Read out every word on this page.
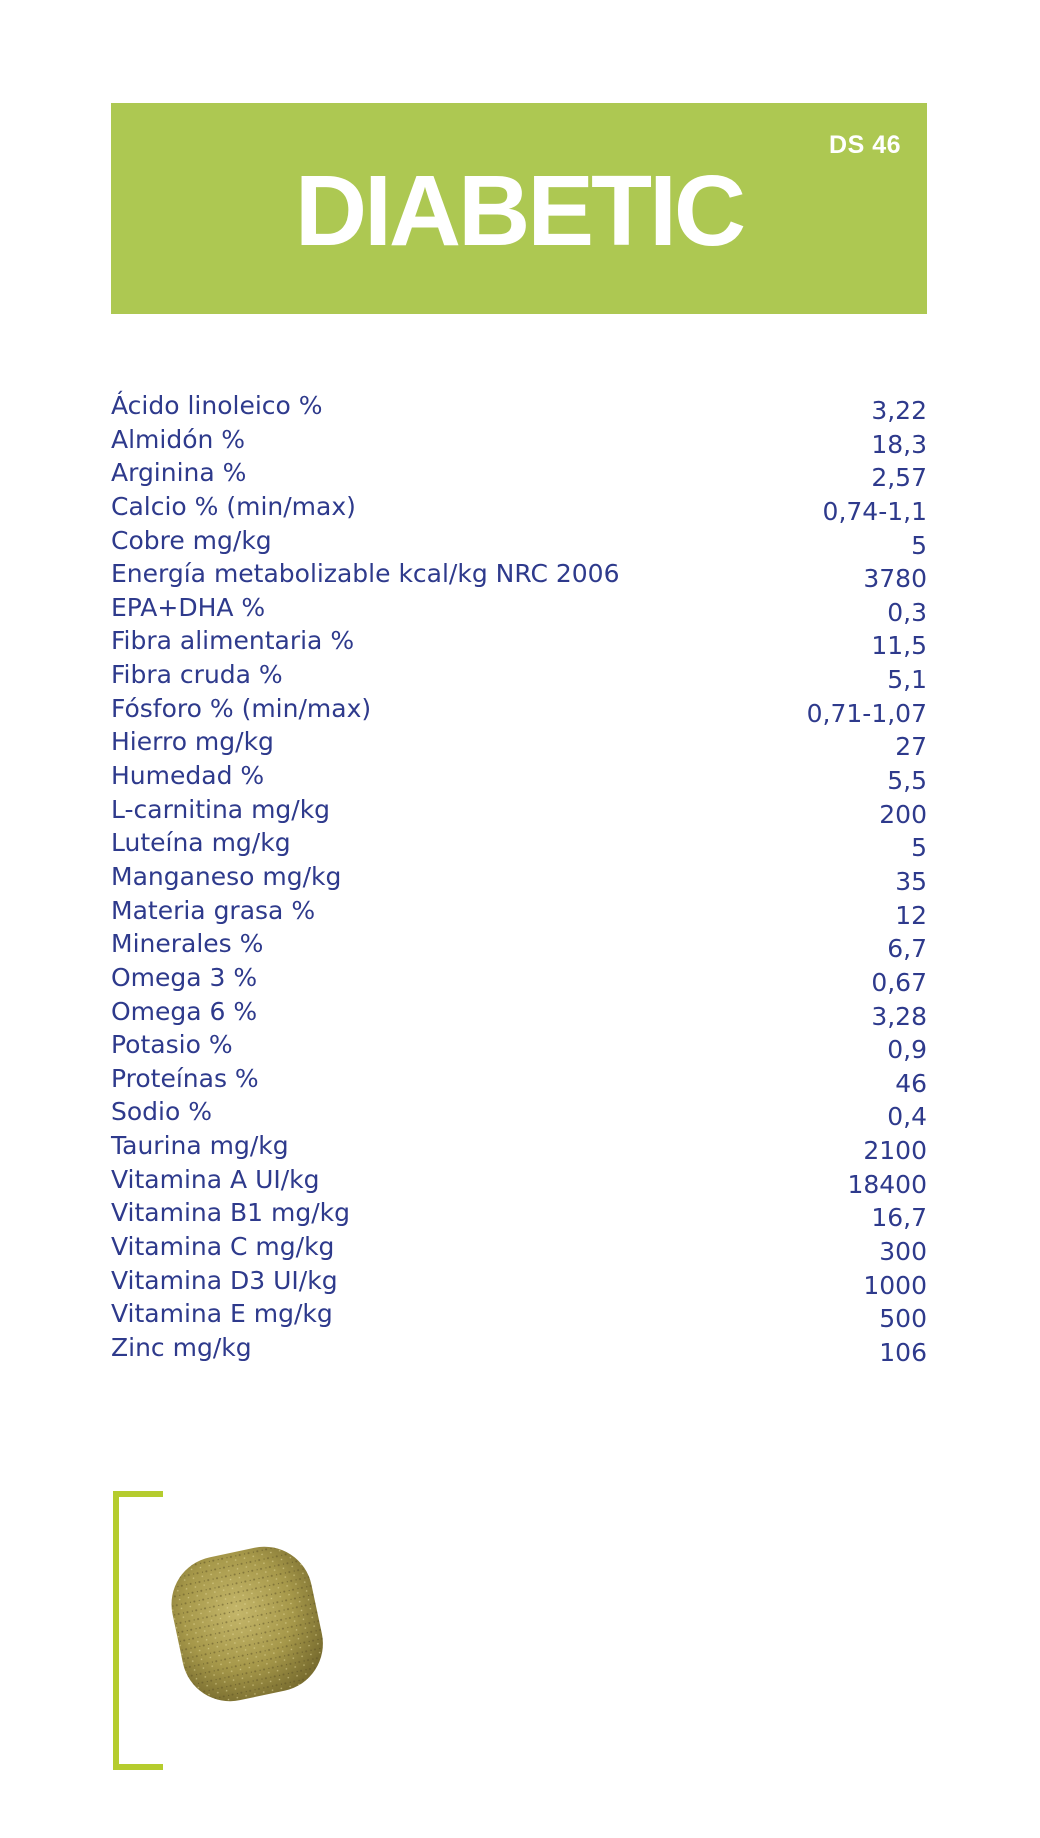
DS 46
DIABETIC
Ácido linoleico %	3,22
Almidón %	18,3
Arginina %	2,57
Calcio % (min/max)	0,74-1,1
Cobre mg/kg	5
Energía metabolizable kcal/kg NRC 2006	3780
EPA+DHA %	0,3
Fibra alimentaria %	11,5
Fibra cruda %	5,1
Fósforo % (min/max)	0,71-1,07
Hierro mg/kg	27
Humedad %	5,5
L-carnitina mg/kg	200
Luteína mg/kg	5
Manganeso mg/kg	35
Materia grasa %	12
Minerales %	6,7
Omega 3 %	0,67
Omega 6 %	3,28
Potasio %	0,9
Proteínas %	46
Sodio %	0,4
Taurina mg/kg	2100
Vitamina A UI/kg	18400
Vitamina B1 mg/kg	16,7
Vitamina C mg/kg	300
Vitamina D3 UI/kg	1000
Vitamina E mg/kg	500
Zinc mg/kg	106
